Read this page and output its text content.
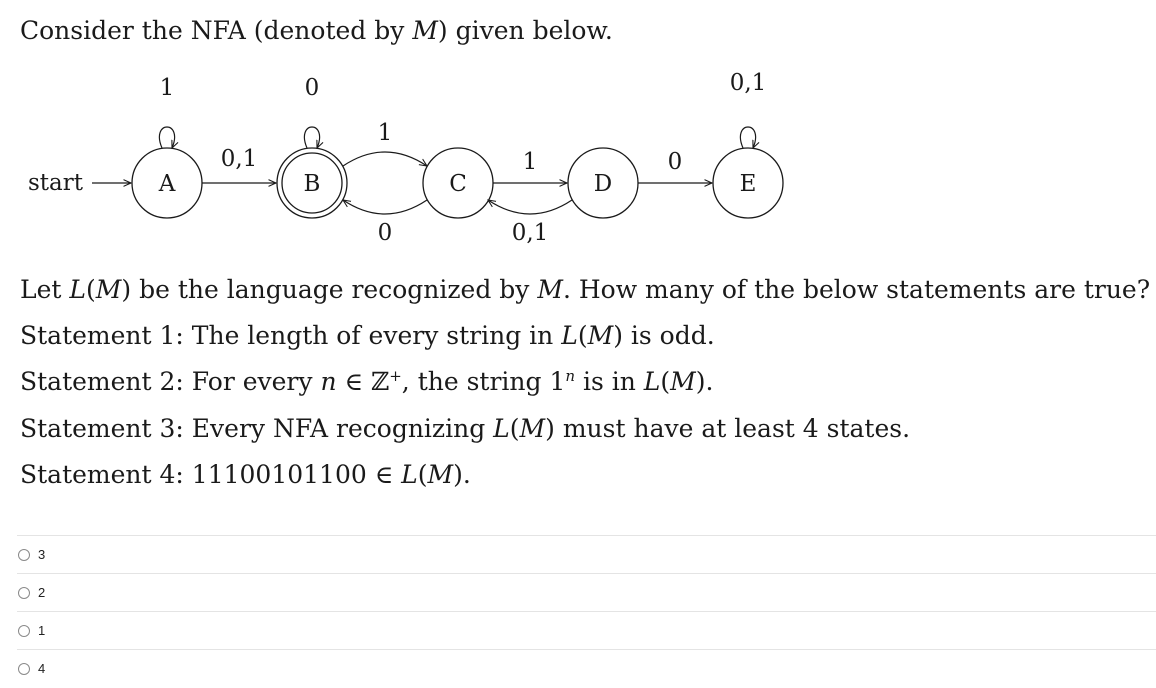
Consider the NFA (denoted by M) given below.
start	A	B	C	D	E
1	0	0,1
0,1
1
0
1
0,1
0
Let L(M) be the language recognized by M. How many of the below statements are true?
Statement 1: The length of every string in L(M) is odd.
Statement 2: For every n ∈ ℤ+, the string 1$^n$ is in L(M).
Statement 3: Every NFA recognizing L(M) must have at least 4 states.
Statement 4: 11100101100 ∈ L(M).
3
2
1
4
